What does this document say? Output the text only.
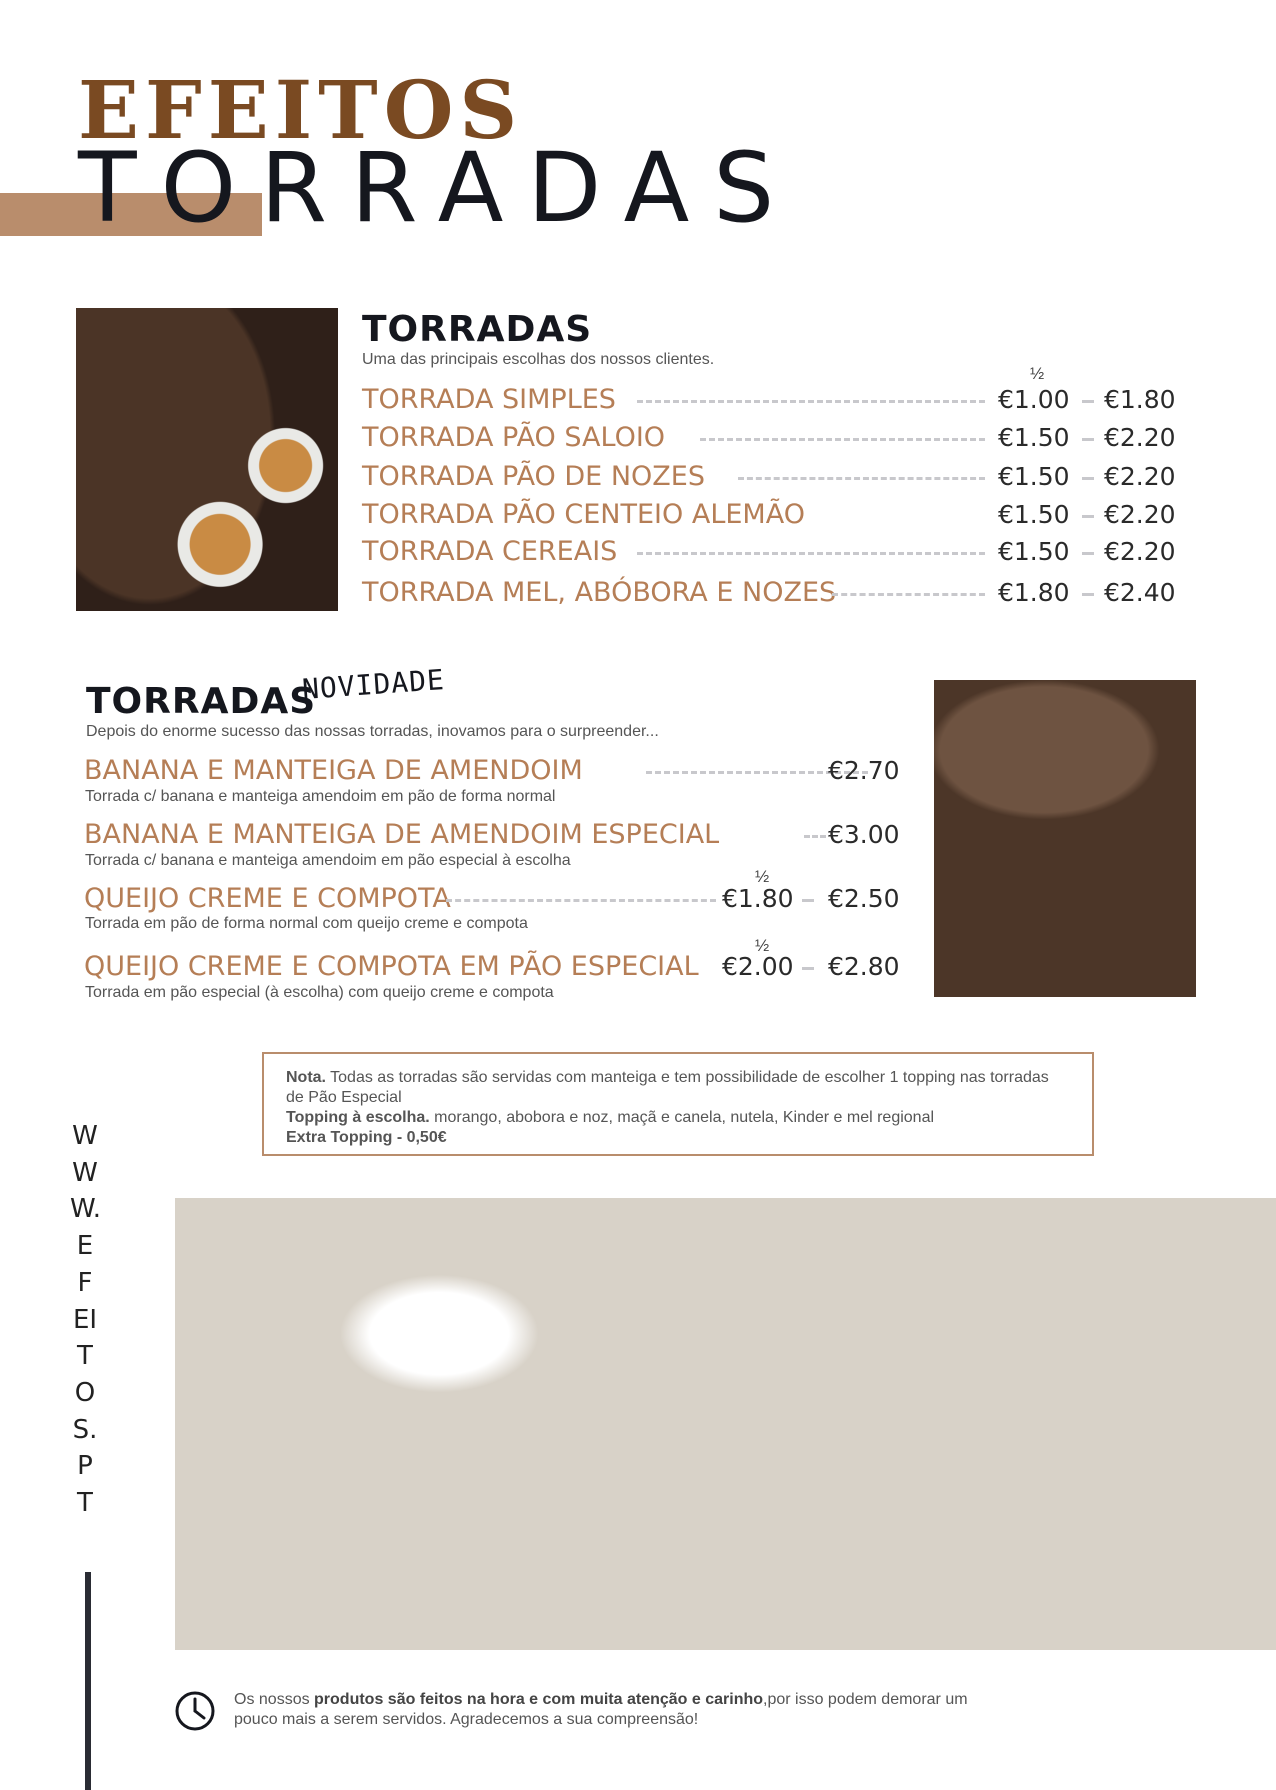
EFEITOS
TORRADAS
TORRADAS
Uma das principais escolhas dos nossos clientes.
½
TORRADA SIMPLES	€1.00 €1.80
TORRADA PÃO SALOIO	€1.50 €2.20
TORRADA PÃO DE NOZES	€1.50 €2.20
TORRADA PÃO CENTEIO ALEMÃO	€1.50 €2.20
TORRADA CEREAIS	€1.50 €2.20
TORRADA MEL, ABÓBORA E NOZES	€1.80 €2.40
TORRADAS
NOVIDADE
Depois do enorme sucesso das nossas torradas, inovamos para o surpreender...
BANANA E MANTEIGA DE AMENDOIM	€2.70
Torrada c/ banana e manteiga amendoim em pão de forma normal
BANANA E MANTEIGA DE AMENDOIM ESPECIAL	€3.00
Torrada c/ banana e manteiga amendoim em pão especial à escolha
½
QUEIJO CREME E COMPOTA	€1.80 €2.50
Torrada em pão de forma normal com queijo creme e compota
½
QUEIJO CREME E COMPOTA EM PÃO ESPECIAL €2.00 €2.80
Torrada em pão especial (à escolha) com queijo creme e compota
Nota. Todas as torradas são servidas com manteiga e tem possibilidade de escolher 1 topping nas torradas de Pão Especial
Topping à escolha. morango, abobora e noz, maçã e canela, nutela, Kinder e mel regional
Extra Topping - 0,50€
WWW.EFEITOS.PT
Os nossos produtos são feitos na hora e com muita atenção e carinho,por isso podem demorar um pouco mais a serem servidos. Agradecemos a sua compreensão!
